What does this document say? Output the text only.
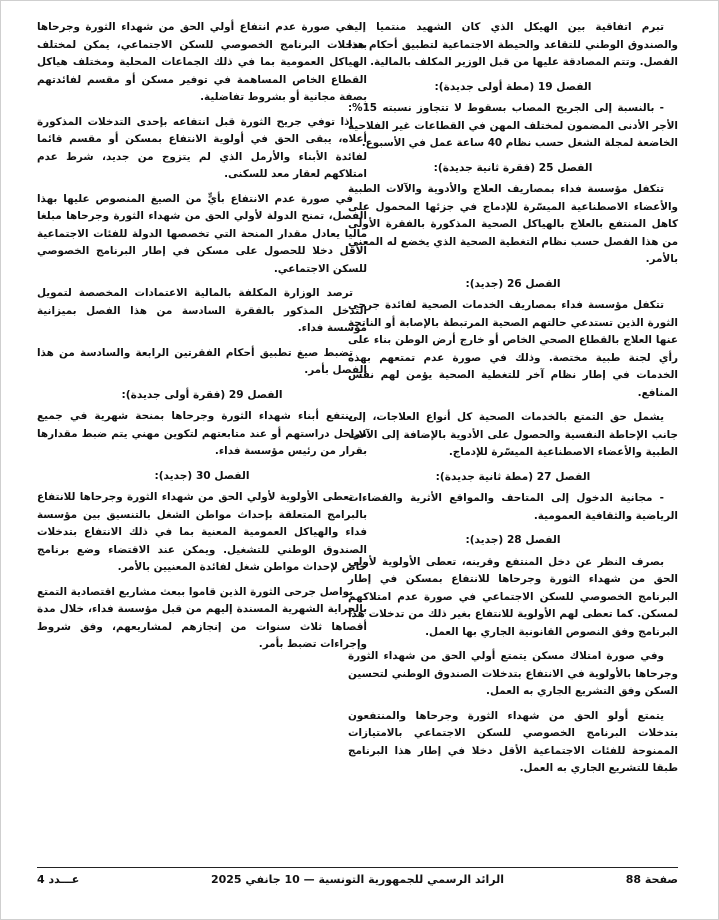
تبرم اتفاقية بين الهيكل الذي كان الشهيد منتميا إليه والصندوق الوطني للتقاعد والحيطة الاجتماعية لتطبيق أحكام هذا الفصل. وتتم المصادقة عليها من قبل الوزير المكلف بالمالية.

الفصل 19 (مطة أولى جديدة):

- بالنسبة إلى الجريح المصاب بسقوط لا تتجاوز نسبته 15%: الأجر الأدنى المضمون لمختلف المهن في القطاعات غير الفلاحية الخاضعة لمجلة الشغل حسب نظام 40 ساعة عمل في الأسبوع.

الفصل 25 (فقرة ثانية جديدة):

تتكفل مؤسسة فداء بمصاريف العلاج والأدوية والآلات الطبية والأعضاء الاصطناعية الميسّرة للإدماج في جزئها المحمول على كاهل المنتفع بالعلاج بالهياكل الصحية المذكورة بالفقرة الأولى من هذا الفصل حسب نظام التغطية الصحية الذي يخضع له المعني بالأمر.

الفصل 26 (جديد):

تتكفل مؤسسة فداء بمصاريف الخدمات الصحية لفائدة جرحى الثورة الذين تستدعي حالتهم الصحية المرتبطة بالإصابة أو الناتجة عنها العلاج بالقطاع الصحي الخاص أو خارج أرض الوطن بناء على رأي لجنة طبية مختصة. وذلك في صورة عدم تمتعهم بهذه الخدمات في إطار نظام آخر للتغطية الصحية يؤمن لهم نفس المنافع.

يشمل حق التمتع بالخدمات الصحية كل أنواع العلاجات، إلى جانب الإحاطة النفسية والحصول على الأدوية بالإضافة إلى الآلات الطبية والأعضاء الاصطناعية الميسّرة للإدماج.

الفصل 27 (مطة ثانية جديدة):

- مجانية الدخول إلى المتاحف والمواقع الأثرية والفضاءات الرياضية والثقافية العمومية.

الفصل 28 (جديد):

بصرف النظر عن دخل المنتفع وقرينه، تعطى الأولوية لأولي الحق من شهداء الثورة وجرحاها للانتفاع بمسكن في إطار البرنامج الخصوصي للسكن الاجتماعي في صورة عدم امتلاكهم لمسكن. كما تعطى لهم الأولوية للانتفاع بغير ذلك من تدخلات هذا البرنامج وفق النصوص القانونية الجاري بها العمل.

وفي صورة امتلاك مسكن يتمتع أولي الحق من شهداء الثورة وجرحاها بالأولوية في الانتفاع بتدخلات الصندوق الوطني لتحسين السكن وفق التشريع الجاري به العمل.

يتمتع أولو الحق من شهداء الثورة وجرحاها والمنتفعون بتدخلات البرنامج الخصوصي للسكن الاجتماعي بالامتيازات الممنوحة للفئات الاجتماعية الأقل دخلا في إطار هذا البرنامج طبقا للتشريع الجاري به العمل.

في صورة عدم انتفاع أولي الحق من شهداء الثورة وجرحاها بتدخلات البرنامج الخصوصي للسكن الاجتماعي، يمكن لمختلف الهياكل العمومية بما في ذلك الجماعات المحلية ومختلف هياكل القطاع الخاص المساهمة في توفير مسكن أو مقسم لفائدتهم بصفة مجانية أو بشروط تفاضلية.

إذا توفي جريح الثورة قبل انتفاعه بإحدى التدخلات المذكورة أعلاه، يبقى الحق في أولوية الانتفاع بمسكن أو مقسم قائما لفائدة الأبناء والأرمل الذي لم يتزوج من جديد، شرط عدم امتلاكهم لعقار معد للسكنى.

في صورة عدم الانتفاع بأيٍّ من الصيغ المنصوص عليها بهذا الفصل، تمنح الدولة لأولي الحق من شهداء الثورة وجرحاها مبلغا ماليا يعادل مقدار المنحة التي تخصصها الدولة للفئات الاجتماعية الأقل دخلا للحصول على مسكن في إطار البرنامج الخصوصي للسكن الاجتماعي.

ترصد الوزارة المكلفة بالمالية الاعتمادات المخصصة لتمويل التدخل المذكور بالفقرة السادسة من هذا الفصل بميزانية مؤسسة فداء.

تضبط صيغ تطبيق أحكام الفقرتين الرابعة والسادسة من هذا الفصل بأمر.

الفصل 29 (فقرة أولى جديدة):

ينتفع أبناء شهداء الثورة وجرحاها بمنحة شهرية في جميع مراحل دراستهم أو عند متابعتهم لتكوين مهني يتم ضبط مقدارها بقرار من رئيس مؤسسة فداء.

الفصل 30 (جديد):

تعطى الأولوية لأولي الحق من شهداء الثورة وجرحاها للانتفاع بالبرامج المتعلقة بإحداث مواطن الشغل بالتنسيق بين مؤسسة فداء والهياكل العمومية المعنية بما في ذلك الانتفاع بتدخلات الصندوق الوطني للتشغيل. ويمكن عند الاقتضاء وضع برنامج خاص لإحداث مواطن شغل لفائدة المعنيين بالأمر.

يواصل جرحى الثورة الذين قاموا ببعث مشاريع اقتصادية التمتع بالجراية الشهرية المسندة إليهم من قبل مؤسسة فداء، خلال مدة أقصاها ثلاث سنوات من إنجازهم لمشاريعهم، وفق شروط وإجراءات تضبط بأمر.

صفحة 88
الرائد الرسمي للجمهورية التونسية — 10 جانفي 2025
عـــدد 4
